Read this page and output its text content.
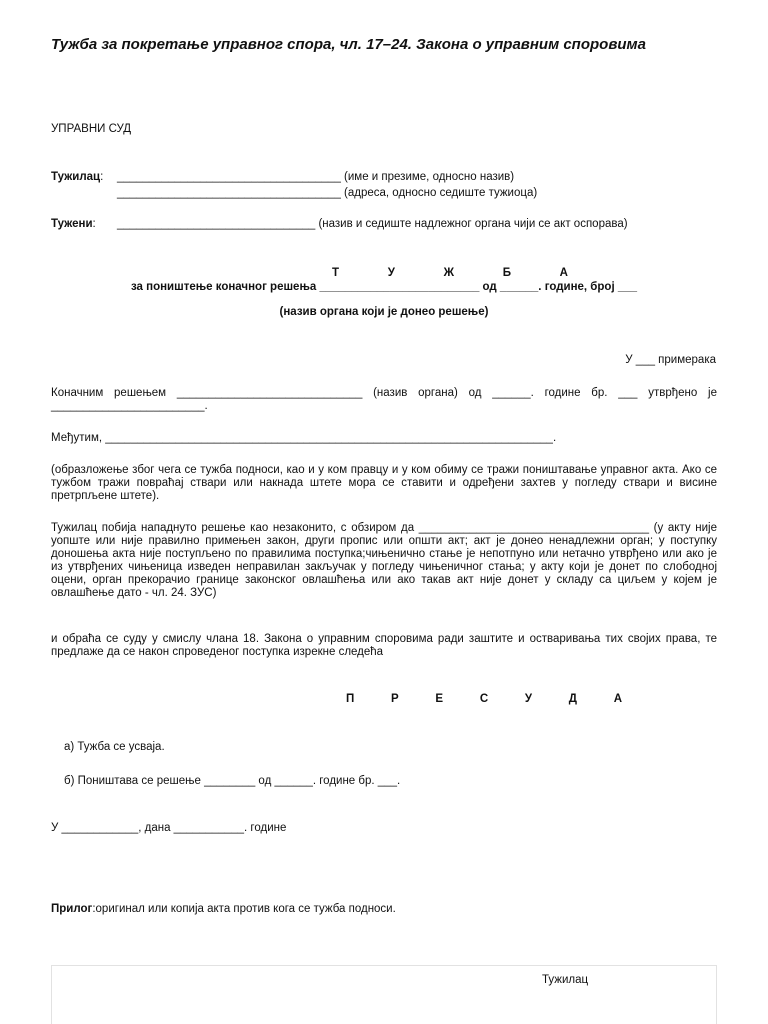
Тужба за покретање управног спора, чл. 17–24. Закона о управним споровима
УПРАВНИ СУД
Тужилац: ___________________________________ (име и презиме, односно назив)
___________________________________ (адреса, односно седиште тужиоца)
Тужени: _______________________________ (назив и седиште надлежног органа чији се акт оспорава)
Т	У	Ж	Б	А
за поништење коначног решења _________________________ од ______. године, број ___
(назив органа који је донео решење)
У ___ примерака
Коначним решењем _____________________________ (назив органа) од ______. године бр. ___ утврђено је ________________________.
Међутим, ______________________________________________________________________.
(образложење због чега се тужба подноси, као и у ком правцу и у ком обиму се тражи поништавање управног акта. Ако се тужбом тражи повраћај ствари или накнада штете мора се ставити и одређени захтев у погледу ствари и висине претрпљене штете).
Тужилац побија нападнуто решење као незаконито, с обзиром да ____________________________________ (у акту није уопште или није правилно примењен закон, други пропис или општи акт; акт је донео ненадлежни орган; у поступку доношења акта није поступљено по правилима поступка;чињенично стање је непотпуно или нетачно утврђено или ако је из утврђених чињеница изведен неправилан закључак у погледу чињеничног стања; у акту који је донет по слободној оцени, орган прекорачио границе законског овлашћења или ако такав акт није донет у складу са циљем у којем је овлашћење дато - чл. 24. ЗУС)
и обраћа се суду у смислу члана 18. Закона о управним споровима ради заштите и остваривања тих својих права, те предлаже да се након спроведеног поступка изрекне следећа
П	Р	Е	С	У	Д	А
а) Тужба се усваја.
б) Поништава се решење ________ од ______. године бр. ___.
У ____________, дана ___________. године
Прилог:оригинал или копија акта против кога се тужба подноси.
Тужилац
